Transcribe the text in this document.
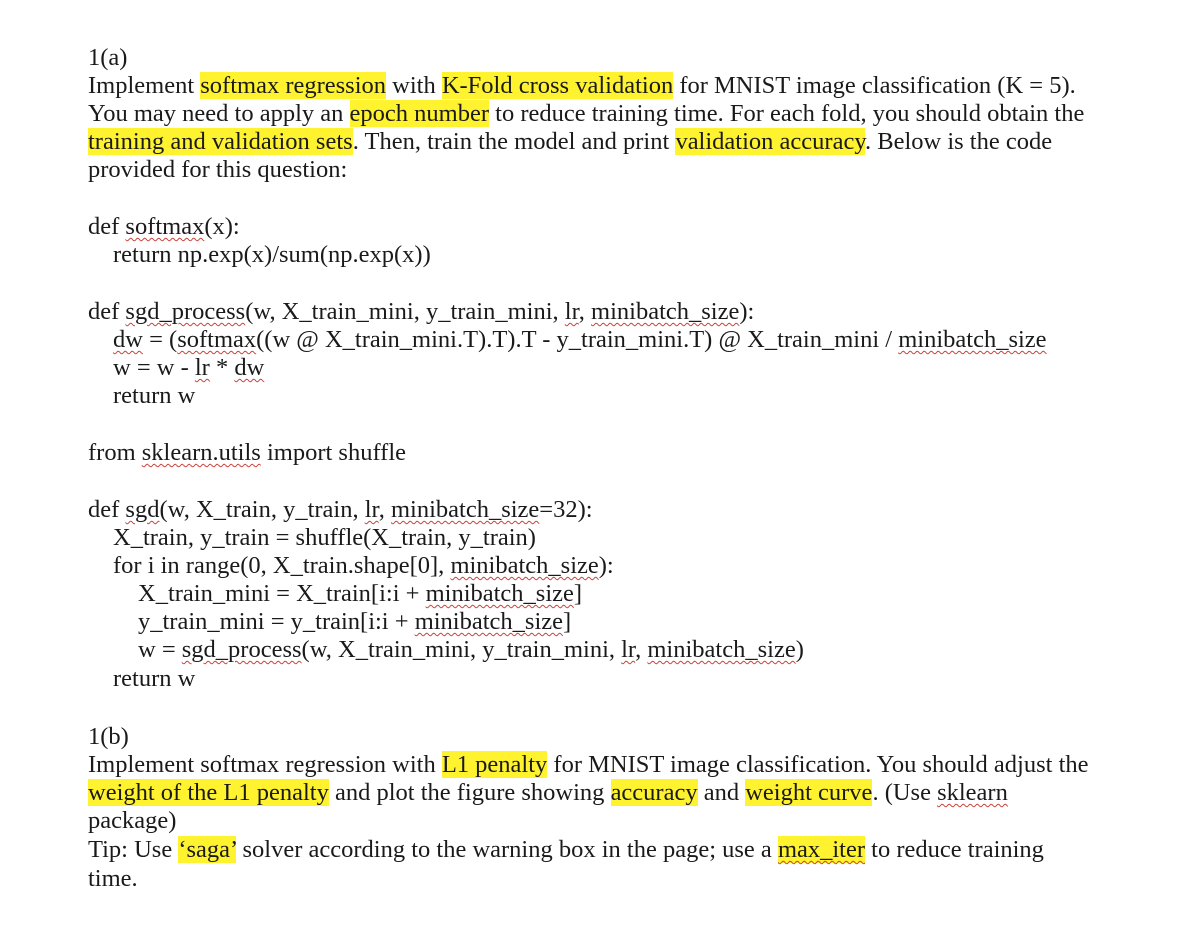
1(a)
Implement softmax regression with K-Fold cross validation for MNIST image classification (K = 5).
You may need to apply an epoch number to reduce training time. For each fold, you should obtain the
training and validation sets. Then, train the model and print validation accuracy. Below is the code
provided for this question:
def softmax(x):
return np.exp(x)/sum(np.exp(x))
def sgd_process(w, X_train_mini, y_train_mini, lr, minibatch_size):
dw = (softmax((w @ X_train_mini.T).T).T - y_train_mini.T) @ X_train_mini / minibatch_size
w = w - lr * dw
return w
from sklearn.utils import shuffle
def sgd(w, X_train, y_train, lr, minibatch_size=32):
X_train, y_train = shuffle(X_train, y_train)
for i in range(0, X_train.shape[0], minibatch_size):
X_train_mini = X_train[i:i + minibatch_size]
y_train_mini = y_train[i:i + minibatch_size]
w = sgd_process(w, X_train_mini, y_train_mini, lr, minibatch_size)
return w
1(b)
Implement softmax regression with L1 penalty for MNIST image classification. You should adjust the
weight of the L1 penalty and plot the figure showing accuracy and weight curve. (Use sklearn
package)
Tip: Use ‘saga’ solver according to the warning box in the page; use a max_iter to reduce training
time.
